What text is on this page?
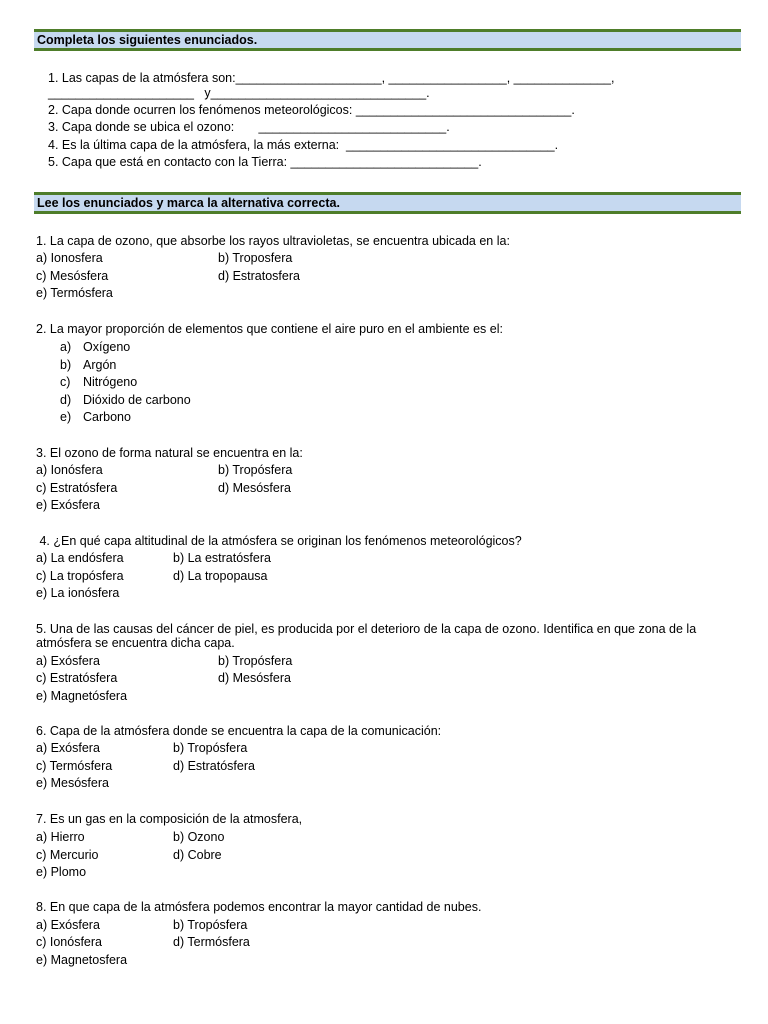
Completa los siguientes enunciados.
1. Las capas de la atmósfera son:_____________________, _________________, ______________,
_____________________   y_______________________________.
2. Capa donde ocurren los fenómenos meteorológicos: _______________________________.
3. Capa donde se ubica el ozono:       ___________________________.
4. Es la última capa de la atmósfera, la más externa:  ______________________________.
5. Capa que está en contacto con la Tierra: ___________________________.
Lee los enunciados y marca la alternativa correcta.
1. La capa de ozono, que absorbe los rayos ultravioletas, se encuentra ubicada en la:
a) Ionosfera	b) Troposfera
c) Mesósfera	d) Estratosfera
e) Termósfera
2. La mayor proporción de elementos que contiene el aire puro en el ambiente es el:
a) Oxígeno
b) Argón
c) Nitrógeno
d) Dióxido de carbono
e) Carbono
3. El ozono de forma natural se encuentra en la:
a) Ionósfera	b) Tropósfera
c) Estratósfera	d) Mesósfera
e) Exósfera
4. ¿En qué capa altitudinal de la atmósfera se originan los fenómenos meteorológicos?
a) La endósfera	b) La estratósfera
c) La tropósfera	d) La tropopausa
e) La ionósfera
5. Una de las causas del cáncer de piel, es producida por el deterioro de la capa de ozono. Identifica en que zona de la
atmósfera se encuentra dicha capa.
a) Exósfera	b) Tropósfera
c) Estratósfera	d) Mesósfera
e) Magnetósfera
6. Capa de la atmósfera donde se encuentra la capa de la comunicación:
a) Exósfera	b) Tropósfera
c) Termósfera	d) Estratósfera
e) Mesósfera
7. Es un gas en la composición de la atmosfera,
a) Hierro	b) Ozono
c) Mercurio	d) Cobre
e) Plomo
8. En que capa de la atmósfera podemos encontrar la mayor cantidad de nubes.
a) Exósfera	b) Tropósfera
c) Ionósfera	d) Termósfera
e) Magnetosfera
